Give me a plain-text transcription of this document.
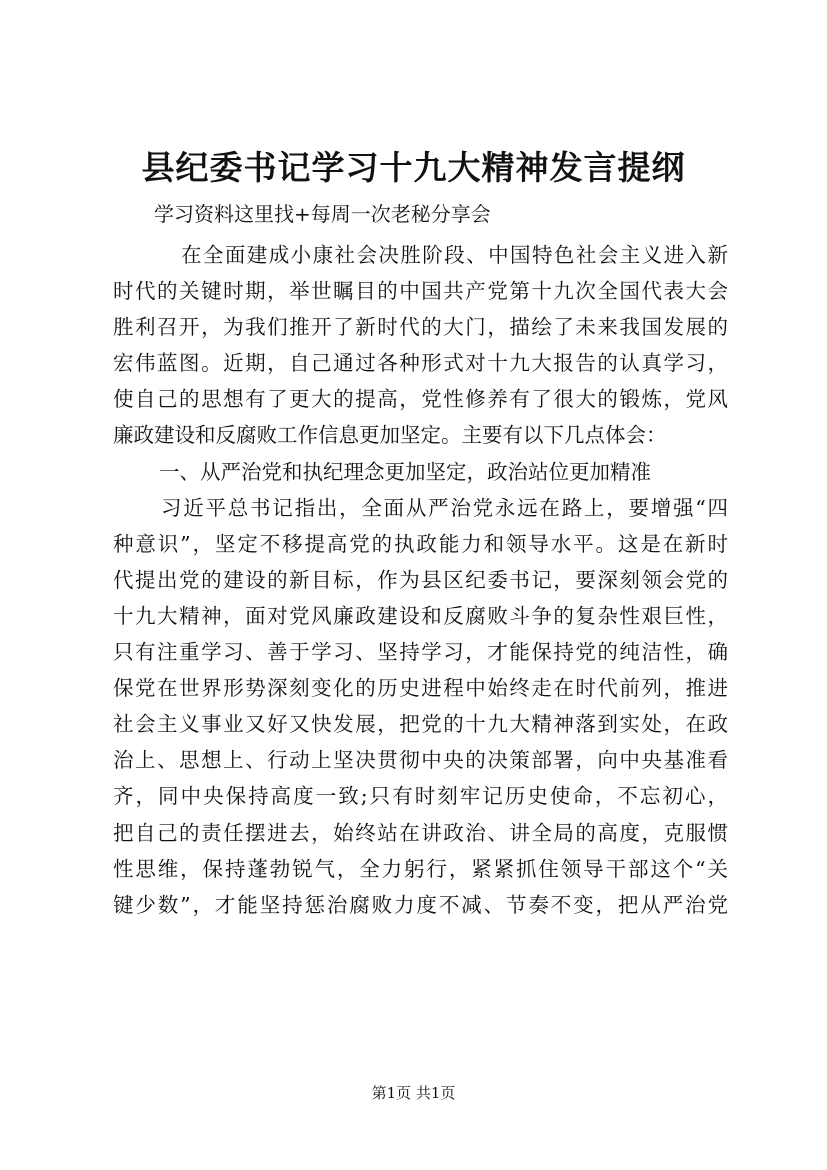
县纪委书记学习十九大精神发言提纲

学习资料这里找+每周一次老秘分享会

在全面建成小康社会决胜阶段、中国特色社会主义进入新

时代的关键时期，举世瞩目的中国共产党第十九次全国代表大会

胜利召开，为我们推开了新时代的大门，描绘了未来我国发展的

宏伟蓝图。近期，自己通过各种形式对十九大报告的认真学习，

使自己的思想有了更大的提高，党性修养有了很大的锻炼，党风

廉政建设和反腐败工作信息更加坚定。主要有以下几点体会：

一、从严治党和执纪理念更加坚定，政治站位更加精准

习近平总书记指出，全面从严治党永远在路上，要增强“四

种意识”，坚定不移提高党的执政能力和领导水平。这是在新时

代提出党的建设的新目标，作为县区纪委书记，要深刻领会党的

十九大精神，面对党风廉政建设和反腐败斗争的复杂性艰巨性，

只有注重学习、善于学习、坚持学习，才能保持党的纯洁性，确

保党在世界形势深刻变化的历史进程中始终走在时代前列，推进

社会主义事业又好又快发展，把党的十九大精神落到实处，在政

治上、思想上、行动上坚决贯彻中央的决策部署，向中央基准看

齐，同中央保持高度一致;只有时刻牢记历史使命，不忘初心，

把自己的责任摆进去，始终站在讲政治、讲全局的高度，克服惯

性思维，保持蓬勃锐气，全力躬行，紧紧抓住领导干部这个“关

键少数”，才能坚持惩治腐败力度不减、节奏不变，把从严治党

第1页 共1页
